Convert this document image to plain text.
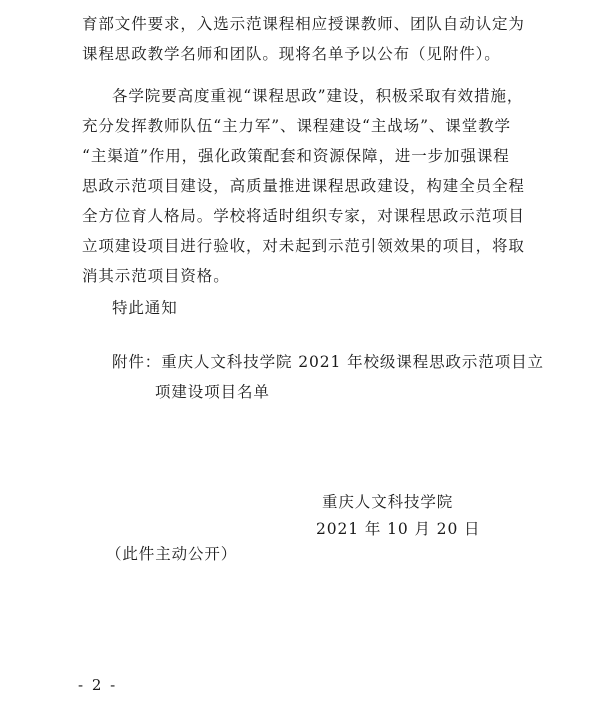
育部文件要求，入选示范课程相应授课教师、团队自动认定为
课程思政教学名师和团队。现将名单予以公布（见附件）。
各学院要高度重视“课程思政”建设，积极采取有效措施，
充分发挥教师队伍“主力军”、课程建设“主战场”、课堂教学
“主渠道”作用，强化政策配套和资源保障，进一步加强课程
思政示范项目建设，高质量推进课程思政建设，构建全员全程
全方位育人格局。学校将适时组织专家，对课程思政示范项目
立项建设项目进行验收，对未起到示范引领效果的项目，将取
消其示范项目资格。
特此通知
附件：重庆人文科技学院 2021 年校级课程思政示范项目立
项建设项目名单
重庆人文科技学院
2021 年 10 月 20 日
（此件主动公开）
- 2 -
